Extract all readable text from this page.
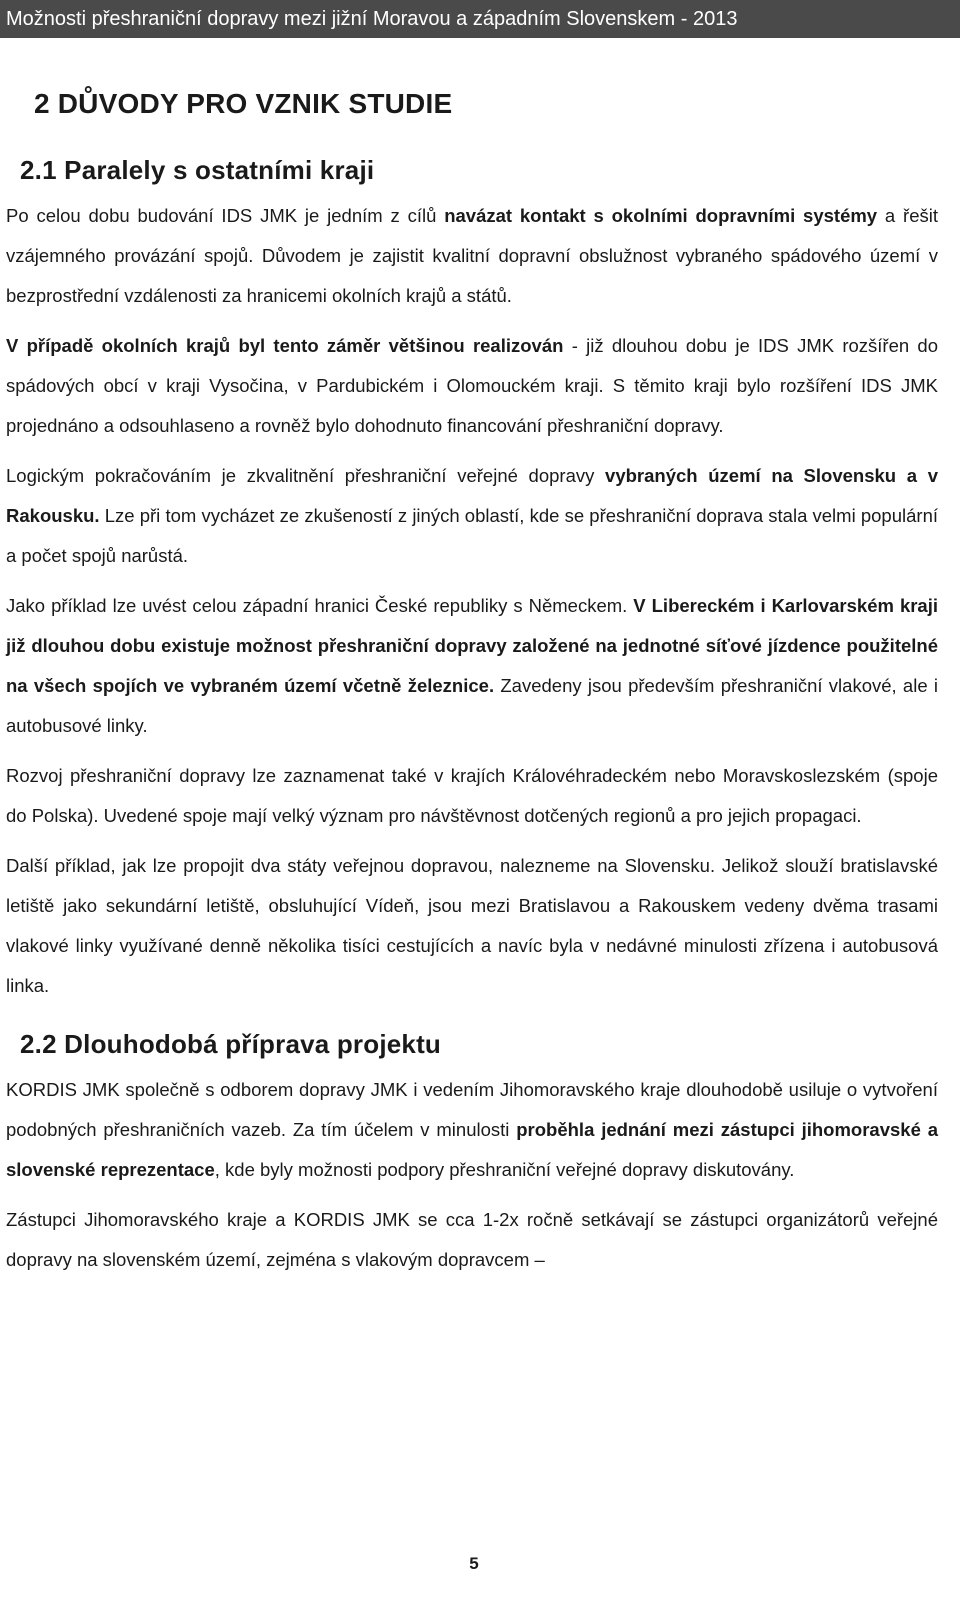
Možnosti přeshraniční dopravy mezi jižní Moravou a západním Slovenskem - 2013
2 DŮVODY PRO VZNIK STUDIE
2.1 Paralely s ostatními kraji

Po celou dobu budování IDS JMK je jedním z cílů navázat kontakt s okolními dopravními systémy a řešit vzájemného provázání spojů. Důvodem je zajistit kvalitní dopravní obslužnost vybraného spádového území v bezprostřední vzdálenosti za hranicemi okolních krajů a států.

V případě okolních krajů byl tento záměr většinou realizován - již dlouhou dobu je IDS JMK rozšířen do spádových obcí v kraji Vysočina, v Pardubickém i Olomouckém kraji. S těmito kraji bylo rozšíření IDS JMK projednáno a odsouhlaseno a rovněž bylo dohodnuto financování přeshraniční dopravy.

Logickým pokračováním je zkvalitnění přeshraniční veřejné dopravy vybraných území na Slovensku a v Rakousku. Lze při tom vycházet ze zkušeností z jiných oblastí, kde se přeshraniční doprava stala velmi populární a počet spojů narůstá.

Jako příklad lze uvést celou západní hranici České republiky s Německem. V Libereckém i Karlovarském kraji již dlouhou dobu existuje možnost přeshraniční dopravy založené na jednotné síťové jízdence použitelné na všech spojích ve vybraném území včetně železnice. Zavedeny jsou především přeshraniční vlakové, ale i autobusové linky.

Rozvoj přeshraniční dopravy lze zaznamenat také v krajích Královéhradeckém nebo Moravskoslezském (spoje do Polska). Uvedené spoje mají velký význam pro návštěvnost dotčených regionů a pro jejich propagaci.

Další příklad, jak lze propojit dva státy veřejnou dopravou, nalezneme na Slovensku. Jelikož slouží bratislavské letiště jako sekundární letiště, obsluhující Vídeň, jsou mezi Bratislavou a Rakouskem vedeny dvěma trasami vlakové linky využívané denně několika tisíci cestujících a navíc byla v nedávné minulosti zřízena i autobusová linka.

2.2 Dlouhodobá příprava projektu

KORDIS JMK společně s odborem dopravy JMK i vedením Jihomoravského kraje dlouhodobě usiluje o vytvoření podobných přeshraničních vazeb. Za tím účelem v minulosti proběhla jednání mezi zástupci jihomoravské a slovenské reprezentace, kde byly možnosti podpory přeshraniční veřejné dopravy diskutovány.

Zástupci Jihomoravského kraje a KORDIS JMK se cca 1-2x ročně setkávají se zástupci organizátorů veřejné dopravy na slovenském území, zejména s vlakovým dopravcem –

5
